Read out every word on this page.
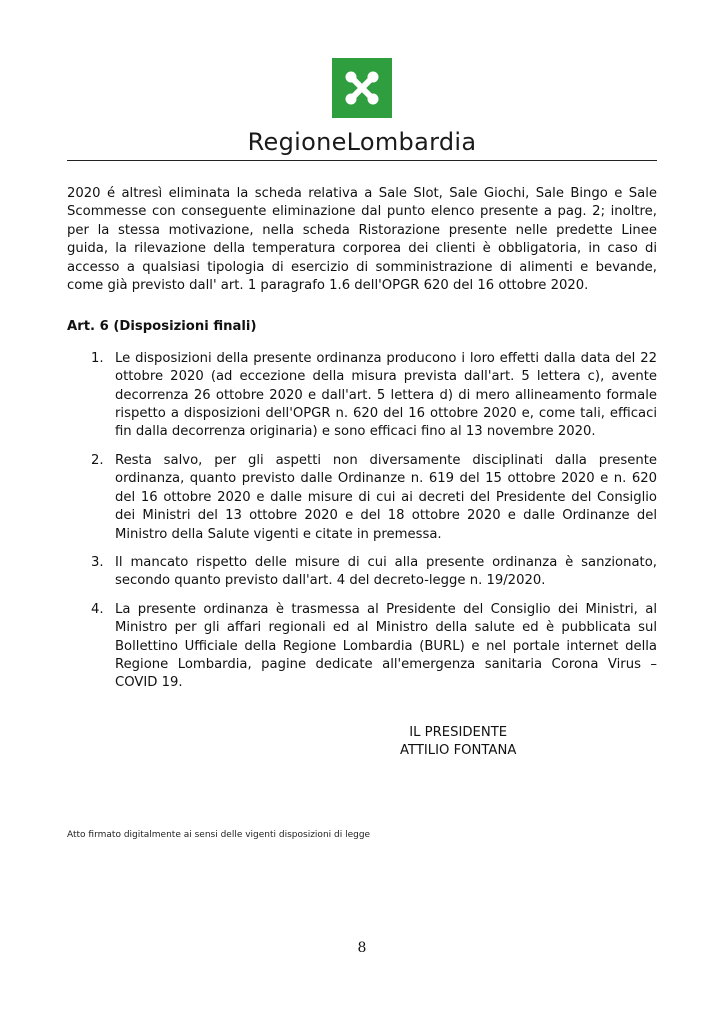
RegioneLombardia

2020 é altresì eliminata la scheda relativa a Sale Slot, Sale Giochi, Sale Bingo e Sale Scommesse con conseguente eliminazione dal punto elenco presente a pag. 2; inoltre, per la stessa motivazione, nella scheda Ristorazione presente nelle predette Linee guida, la rilevazione della temperatura corporea dei clienti è obbligatoria, in caso di accesso a qualsiasi tipologia di esercizio di somministrazione di alimenti e bevande, come già previsto dall' art. 1 paragrafo 1.6 dell'OPGR 620 del 16 ottobre 2020.

Art. 6 (Disposizioni finali)
1. Le disposizioni della presente ordinanza producono i loro effetti dalla data del 22 ottobre 2020 (ad eccezione della misura prevista dall'art. 5 lettera c), avente decorrenza 26 ottobre 2020 e dall'art. 5 lettera d) di mero allineamento formale rispetto a disposizioni dell'OPGR n. 620 del 16 ottobre 2020 e, come tali, efficaci fin dalla decorrenza originaria) e sono efficaci fino al 13 novembre 2020.
2. Resta salvo, per gli aspetti non diversamente disciplinati dalla presente ordinanza, quanto previsto dalle Ordinanze n. 619 del 15 ottobre 2020 e n. 620 del 16 ottobre 2020 e dalle misure di cui ai decreti del Presidente del Consiglio dei Ministri del 13 ottobre 2020 e del 18 ottobre 2020 e dalle Ordinanze del Ministro della Salute vigenti e citate in premessa.
3. Il mancato rispetto delle misure di cui alla presente ordinanza è sanzionato, secondo quanto previsto dall'art. 4 del decreto-legge n. 19/2020.
4. La presente ordinanza è trasmessa al Presidente del Consiglio dei Ministri, al Ministro per gli affari regionali ed al Ministro della salute ed è pubblicata sul Bollettino Ufficiale della Regione Lombardia (BURL) e nel portale internet della Regione Lombardia, pagine dedicate all'emergenza sanitaria Corona Virus – COVID 19.
IL PRESIDENTE
ATTILIO FONTANA
Atto firmato digitalmente ai sensi delle vigenti disposizioni di legge
8
